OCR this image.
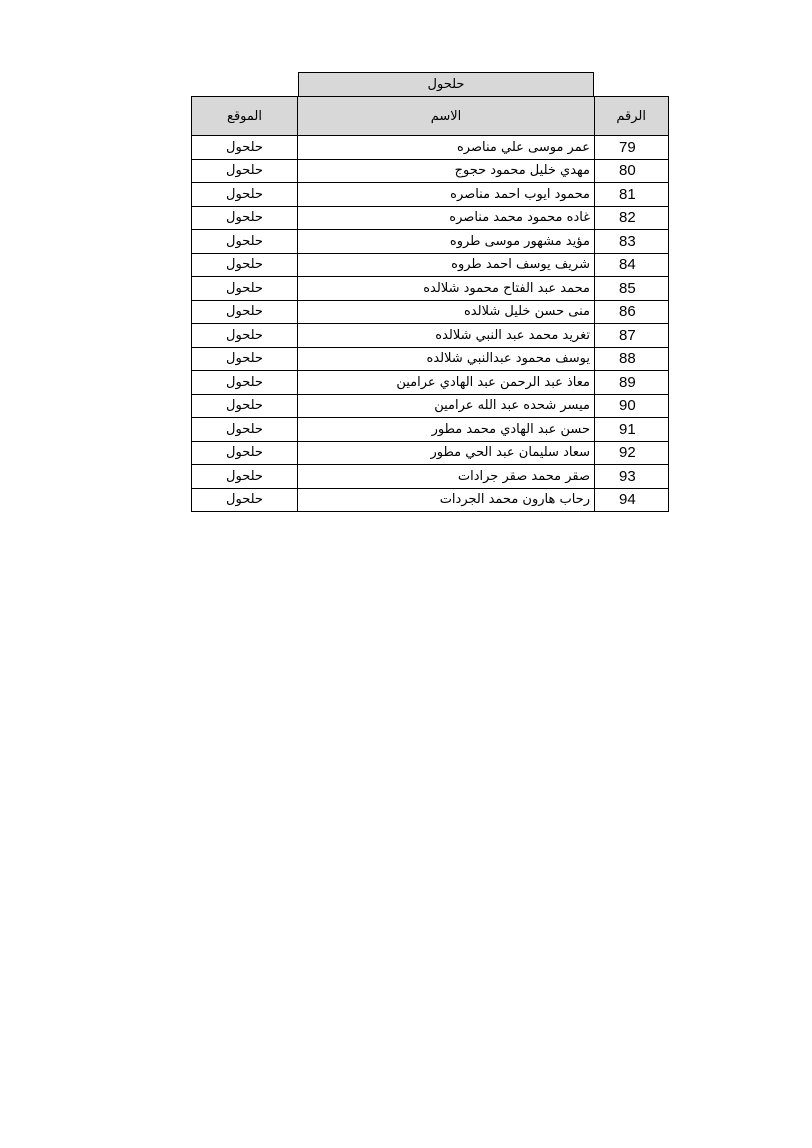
حلحول
الرقم	الاسم	الموقع
79	عمر موسى علي مناصره	حلحول
80	مهدي خليل محمود حجوج	حلحول
81	محمود ايوب احمد مناصره	حلحول
82	غاده محمود محمد مناصره	حلحول
83	مؤيد مشهور موسى طروه	حلحول
84	شريف يوسف احمد طروه	حلحول
85	محمد عبد الفتاح محمود شلالده	حلحول
86	منى حسن خليل شلالده	حلحول
87	تغريد محمد عبد النبي شلالده	حلحول
88	يوسف محمود عبدالنبي شلالده	حلحول
89	معاذ عبد الرحمن عبد الهادي عرامين	حلحول
90	ميسر شحده عبد الله عرامين	حلحول
91	حسن عبد الهادي محمد مطور	حلحول
92	سعاد سليمان عبد الحي مطور	حلحول
93	صقر محمد صقر جرادات	حلحول
94	رحاب هارون محمد الجردات	حلحول
